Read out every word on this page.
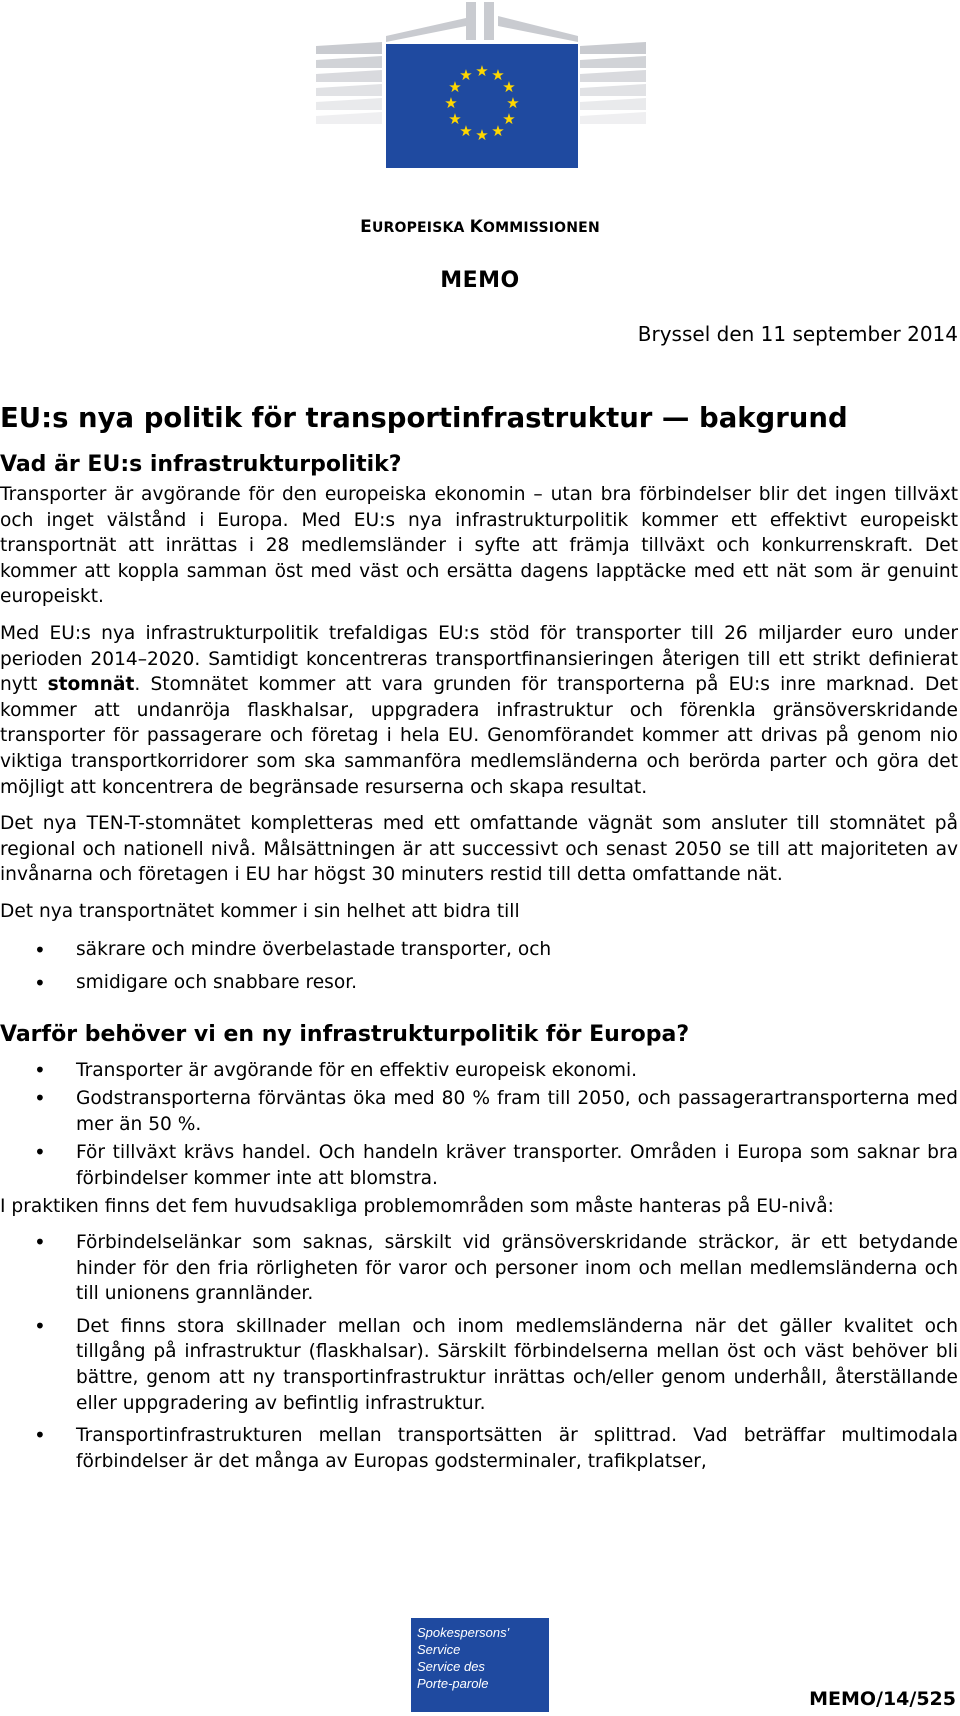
★ ★
★
★
★
★
★
★
★
★
★
★
EUROPEISKA KOMMISSIONEN
MEMO
Bryssel den 11 september 2014
EU:s nya politik för transportinfrastruktur — bakgrund
Vad är EU:s infrastrukturpolitik?

Transporter är avgörande för den europeiska ekonomin – utan bra förbindelser blir det ingen tillväxt och inget välstånd i Europa. Med EU:s nya infrastrukturpolitik kommer ett effektivt europeiskt transportnät att inrättas i 28 medlemsländer i syfte att främja tillväxt och konkurrenskraft. Det kommer att koppla samman öst med väst och ersätta dagens lapptäcke med ett nät som är genuint europeiskt.

Med EU:s nya infrastrukturpolitik trefaldigas EU:s stöd för transporter till 26 miljarder euro under perioden 2014–2020. Samtidigt koncentreras transportfinansieringen återigen till ett strikt definierat nytt stomnät. Stomnätet kommer att vara grunden för transporterna på EU:s inre marknad. Det kommer att undanröja flaskhalsar, uppgradera infrastruktur och förenkla gränsöverskridande transporter för passagerare och företag i hela EU. Genomförandet kommer att drivas på genom nio viktiga transportkorridorer som ska sammanföra medlemsländerna och berörda parter och göra det möjligt att koncentrera de begränsade resurserna och skapa resultat.

Det nya TEN-T-stomnätet kompletteras med ett omfattande vägnät som ansluter till stomnätet på regional och nationell nivå. Målsättningen är att successivt och senast 2050 se till att majoriteten av invånarna och företagen i EU har högst 30 minuters restid till detta omfattande nät.

Det nya transportnätet kommer i sin helhet att bidra till

• säkrare och mindre överbelastade transporter, och
• smidigare och snabbare resor.
Varför behöver vi en ny infrastrukturpolitik för Europa?
• Transporter är avgörande för en effektiv europeisk ekonomi.
• Godstransporterna förväntas öka med 80 % fram till 2050, och passagerartransporterna med mer än 50 %.
• För tillväxt krävs handel. Och handeln kräver transporter. Områden i Europa som saknar bra förbindelser kommer inte att blomstra.

I praktiken finns det fem huvudsakliga problemområden som måste hanteras på EU-nivå:

• Förbindelselänkar som saknas, särskilt vid gränsöverskridande sträckor, är ett betydande hinder för den fria rörligheten för varor och personer inom och mellan medlemsländerna och till unionens grannländer.
• Det finns stora skillnader mellan och inom medlemsländerna när det gäller kvalitet och tillgång på infrastruktur (flaskhalsar). Särskilt förbindelserna mellan öst och väst behöver bli bättre, genom att ny transportinfrastruktur inrättas och/eller genom underhåll, återställande eller uppgradering av befintlig infrastruktur.
• Transportinfrastrukturen mellan transportsätten är splittrad. Vad beträffar multimodala förbindelser är det många av Europas godsterminaler, trafikplatser,
Spokespersons'
Service
Service des
Porte-parole
MEMO/14/525
